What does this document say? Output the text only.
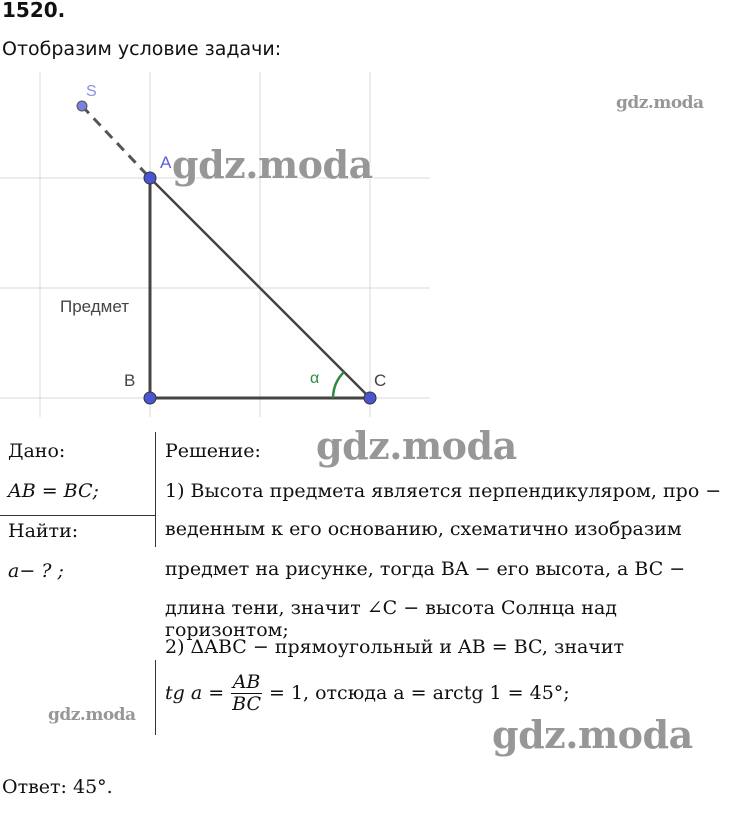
1520.
Отобразим условие задачи:
S
A
B	C
Предмет
α
gdz.moda
gdz.moda
gdz.moda
gdz.moda	gdz.moda
Дано:
AB = BC;
Найти:
a− ? ;
Решение:
1) Высота предмета является перпендикуляром, про −
веденным к его основанию, схематично изобразим
предмет на рисунке, тогда BA − его высота, а BC −
длина тени, значит ∠C − высота Солнца над горизонтом;
2) ΔABC − прямоугольный и AB = BC, значит
tg $a = \frac{AB}{BC} = 1$, отсюда a = arctg 1 = 45°;
Ответ: 45°.
